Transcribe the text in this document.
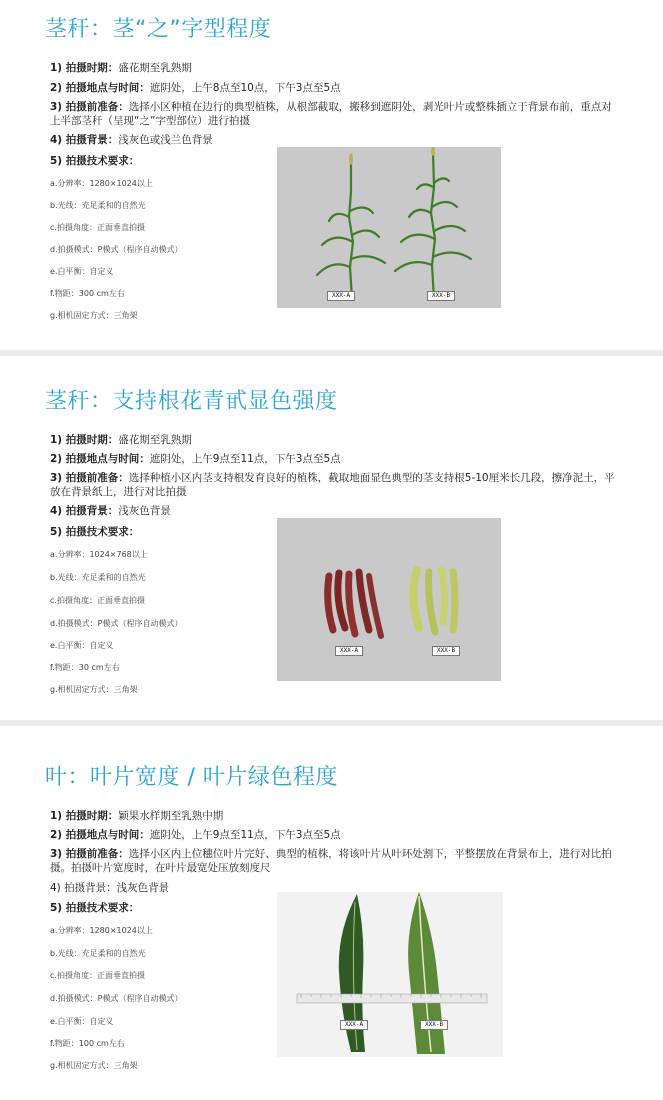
茎秆：茎“之”字型程度
1) 拍摄时期：盛花期至乳熟期
2) 拍摄地点与时间：遮阴处，上午8点至10点，下午3点至5点
3) 拍摄前准备：选择小区种植在边行的典型植株，从根部截取，搬移到遮阴处，剥光叶片或整株插立于背景布前，重点对上半部茎秆（呈现“之”字型部位）进行拍摄
4) 拍摄背景：浅灰色或浅兰色背景
5) 拍摄技术要求：
a.分辨率：1280×1024以上
b.光线：充足柔和的自然光
c.拍摄角度：正面垂直拍摄
d.拍摄模式：P模式（程序自动模式）
e.白平衡：自定义
f.物距：300 cm左右
g.相机固定方式：三角架
XXX-A	XXX-B
茎秆：支持根花青甙显色强度
1) 拍摄时期：盛花期至乳熟期
2) 拍摄地点与时间：遮阴处，上午9点至11点，下午3点至5点
3) 拍摄前准备：选择种植小区内茎支持根发育良好的植株，截取地面显色典型的茎支持根5-10厘米长几段，擦净泥土，平放在背景纸上，进行对比拍摄
4) 拍摄背景：浅灰色背景
5) 拍摄技术要求：
a.分辨率：1024×768以上
b.光线：充足柔和的自然光
c.拍摄角度：正面垂直拍摄
d.拍摄模式：P模式（程序自动模式）
e.白平衡：自定义
f.物距：30 cm左右
g.相机固定方式：三角架
XXX-A	XXX-B
叶：叶片宽度 / 叶片绿色程度
1) 拍摄时期：颖果水样期至乳熟中期
2) 拍摄地点与时间：遮阴处，上午9点至11点，下午3点至5点
3) 拍摄前准备：选择小区内上位穗位叶片完好、典型的植株，将该叶片从叶环处割下，平整摆放在背景布上，进行对比拍摄。拍摄叶片宽度时，在叶片最宽处压放刻度尺
4) 拍摄背景：浅灰色背景
5) 拍摄技术要求：
a.分辨率：1280×1024以上
b.光线：充足柔和的自然光
c.拍摄角度：正面垂直拍摄
d.拍摄模式：P模式（程序自动模式）
e.白平衡：自定义
f.物距：100 cm左右
g.相机固定方式：三角架
XXX-A	XXX-B
